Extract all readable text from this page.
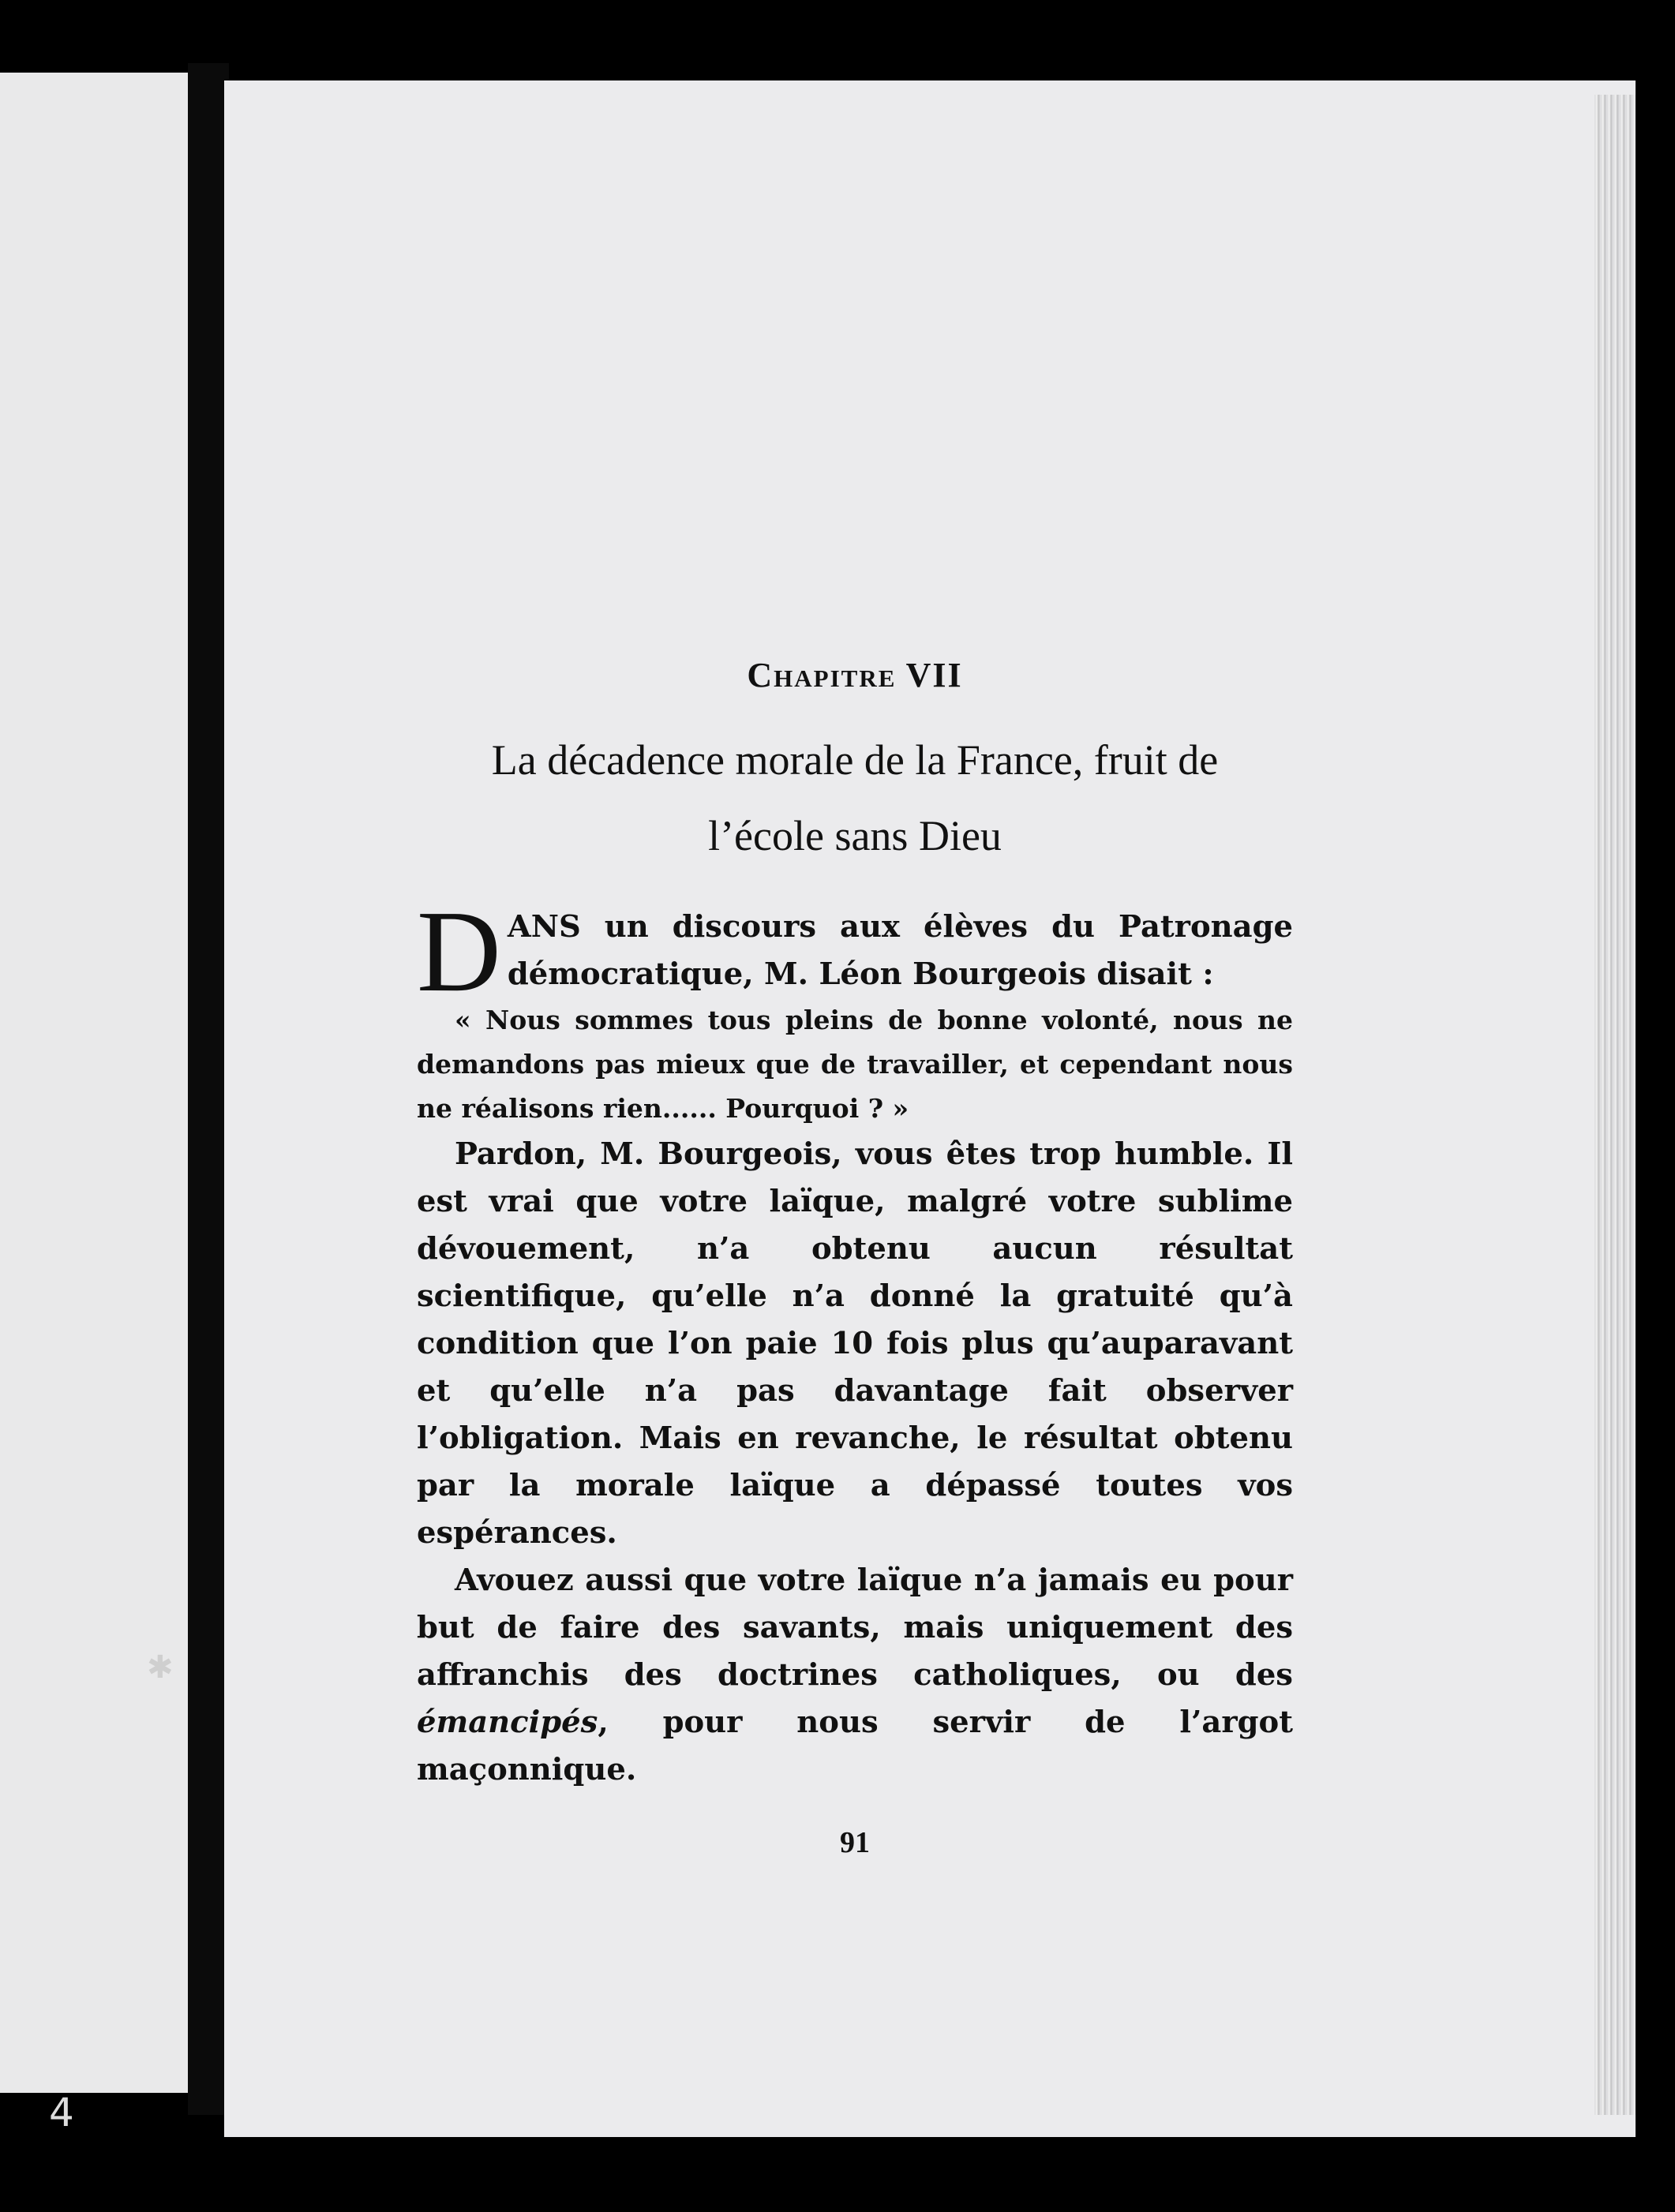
Chapitre VII
La décadence morale de la France, fruit de
l’école sans Dieu

D ANS un discours aux élèves du Patronage démocratique, M. Léon Bourgeois disait :

« Nous sommes tous pleins de bonne volonté, nous ne demandons pas mieux que de travailler, et cependant nous ne réalisons rien...... Pourquoi ? »

Pardon, M. Bourgeois, vous êtes trop humble. Il est vrai que votre laïque, malgré votre sublime dévouement, n’a obtenu aucun résultat scientifique, qu’elle n’a donné la gratuité qu’à condition que l’on paie 10 fois plus qu’auparavant et qu’elle n’a pas davantage fait observer l’obligation. Mais en revanche, le résultat obtenu par la morale laïque a dépassé toutes vos espérances.

Avouez aussi que votre laïque n’a jamais eu pour but de faire des savants, mais uniquement des affranchis des doctrines catholiques, ou des émancipés, pour nous servir de l’argot maçonnique.

91
4
✱
